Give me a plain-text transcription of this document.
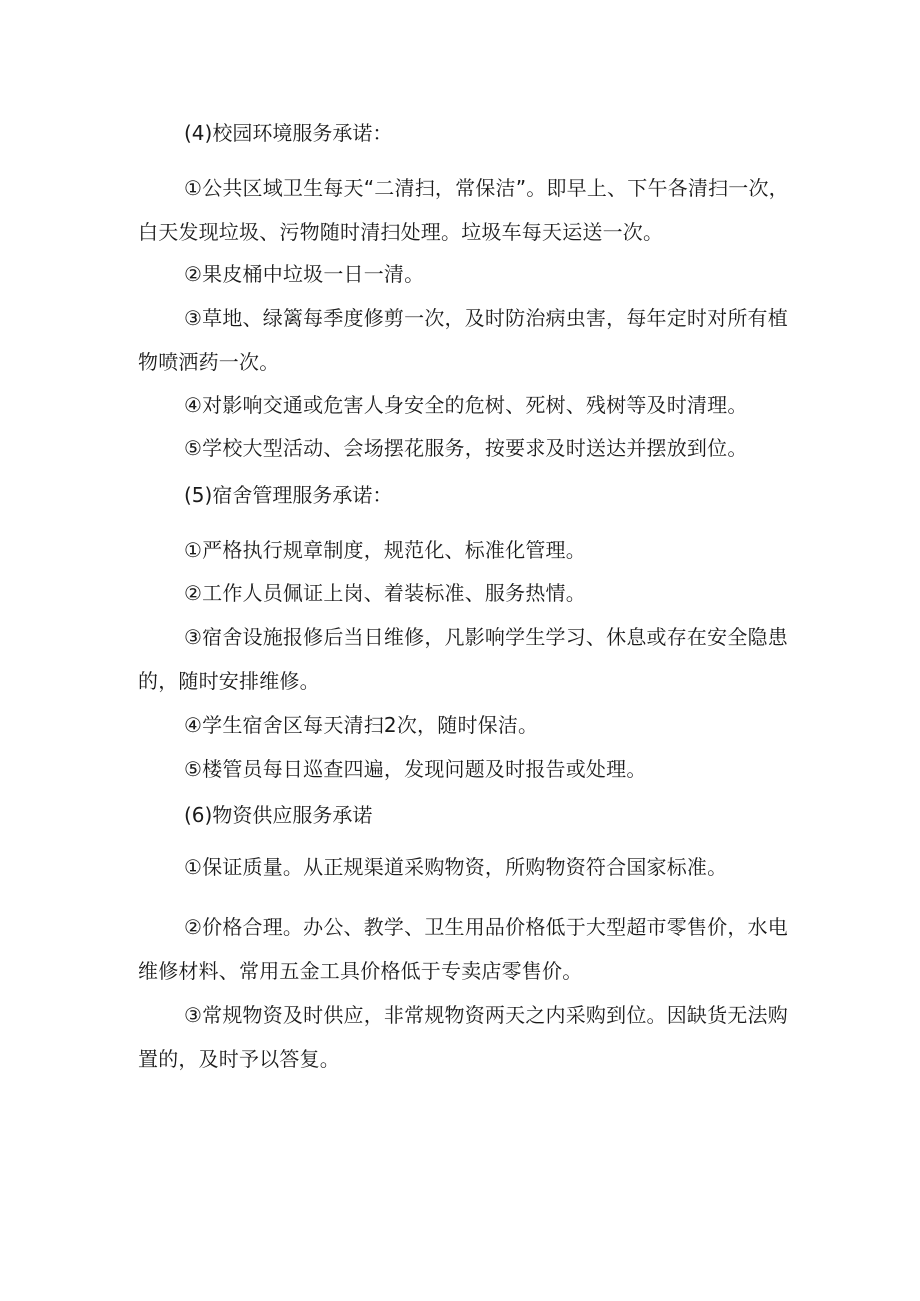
(4)校园环境服务承诺：

①公共区域卫生每天“二清扫，常保洁”。即早上、下午各清扫一次，白天发现垃圾、污物随时清扫处理。垃圾车每天运送一次。

②果皮桶中垃圾一日一清。

③草地、绿篱每季度修剪一次，及时防治病虫害，每年定时对所有植物喷洒药一次。

④对影响交通或危害人身安全的危树、死树、残树等及时清理。

⑤学校大型活动、会场摆花服务，按要求及时送达并摆放到位。

(5)宿舍管理服务承诺：

①严格执行规章制度，规范化、标准化管理。

②工作人员佩证上岗、着装标准、服务热情。

③宿舍设施报修后当日维修，凡影响学生学习、休息或存在安全隐患的，随时安排维修。

④学生宿舍区每天清扫2次，随时保洁。

⑤楼管员每日巡查四遍，发现问题及时报告或处理。

(6)物资供应服务承诺

①保证质量。从正规渠道采购物资，所购物资符合国家标准。

②价格合理。办公、教学、卫生用品价格低于大型超市零售价，水电维修材料、常用五金工具价格低于专卖店零售价。

③常规物资及时供应，非常规物资两天之内采购到位。因缺货无法购置的，及时予以答复。
